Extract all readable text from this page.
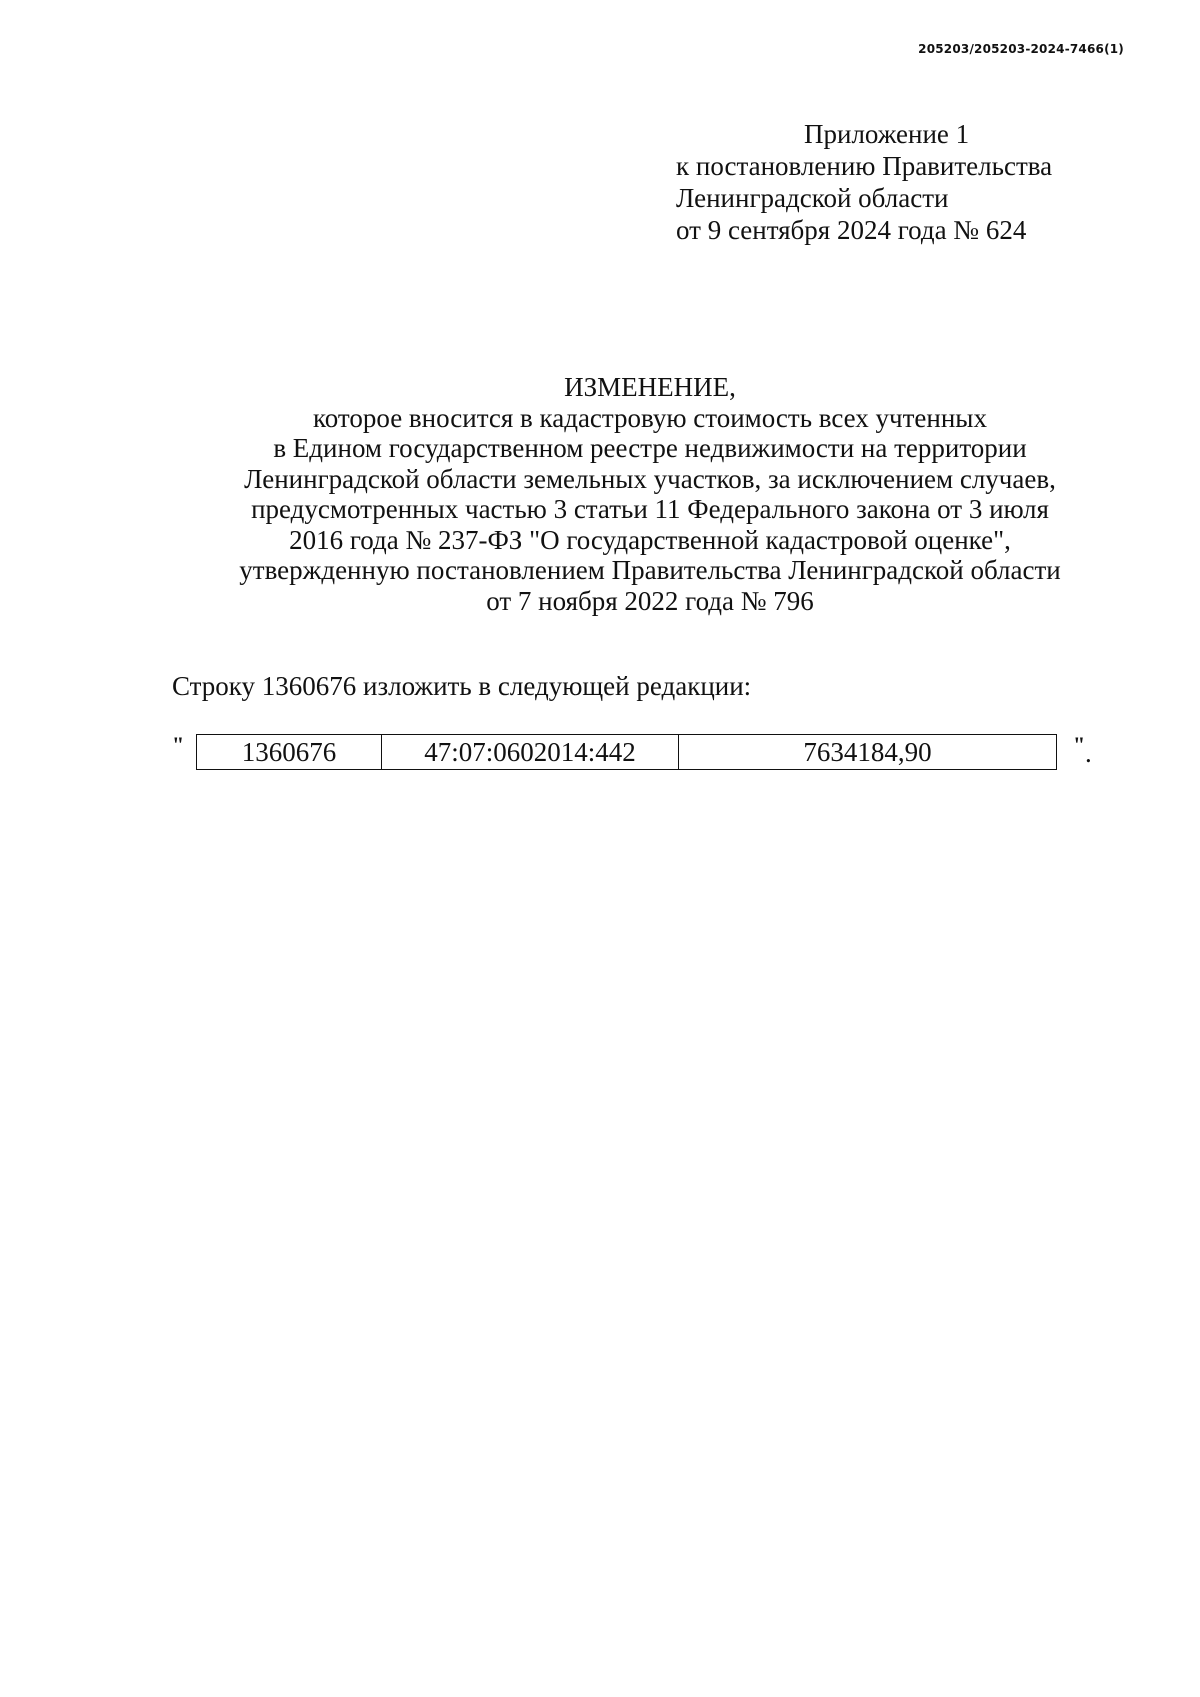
205203/205203-2024-7466(1)
Приложение 1
к постановлению Правительства
Ленинградской области
от 9 сентября 2024 года № 624
ИЗМЕНЕНИЕ,
которое вносится в кадастровую стоимость всех учтенных
в Едином государственном реестре недвижимости на территории
Ленинградской области земельных участков, за исключением случаев,
предусмотренных частью 3 статьи 11 Федерального закона от 3 июля
2016 года № 237-ФЗ "О государственной кадастровой оценке",
утвержденную постановлением Правительства Ленинградской области
от 7 ноября 2022 года № 796
Строку 1360676 изложить в следующей редакции:
" 1360676	47:07:0602014:442	7634184,90	" .
